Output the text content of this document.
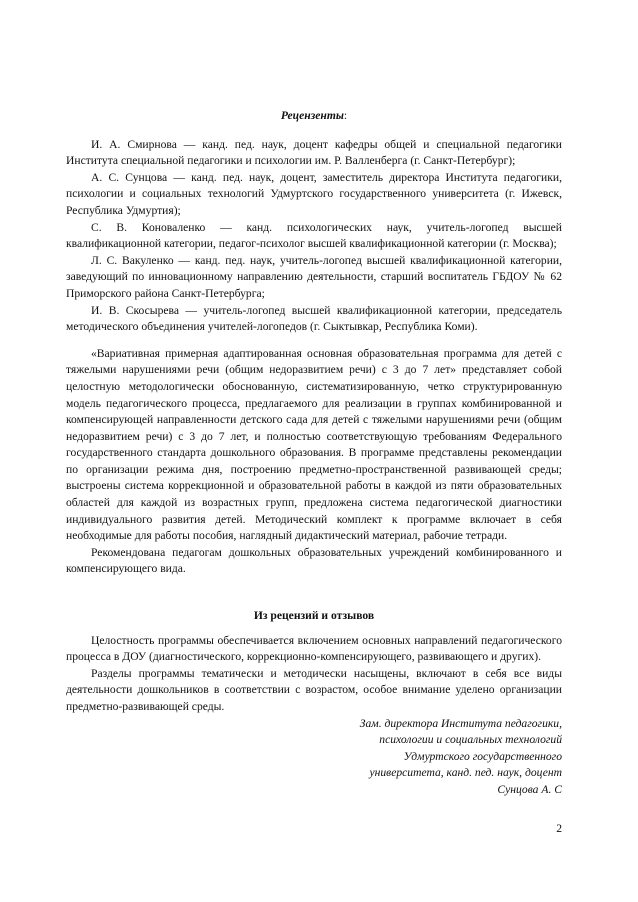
Рецензенты:

И. А. Смирнова — канд. пед. наук, доцент кафедры общей и специальной педагогики Института специальной педагогики и психологии им. Р. Валленберга (г. Санкт-Петербург);

А. С. Сунцова — канд. пед. наук, доцент, заместитель директора Института педагогики, психологии и социальных технологий Удмуртского государственного университета (г. Ижевск, Республика Удмуртия);

С. В. Коноваленко — канд. психологических наук, учитель-логопед высшей квалификационной категории, педагог-психолог высшей квалификационной категории (г. Москва);

Л. С. Вакуленко — канд. пед. наук, учитель-логопед высшей квалификационной категории, заведующий по инновационному направлению деятельности, старший воспитатель ГБДОУ № 62 Приморского района Санкт-Петербурга;

И. В. Скосырева — учитель-логопед высшей квалификационной категории, председатель методического объединения учителей-логопедов (г. Сыктывкар, Республика Коми).

«Вариативная примерная адаптированная основная образовательная программа для детей с тяжелыми нарушениями речи (общим недоразвитием речи) с 3 до 7 лет» представляет собой целостную методологически обоснованную, систематизированную, четко структурированную модель педагогического процесса, предлагаемого для реализации в группах комбинированной и компенсирующей направленности детского сада для детей с тяжелыми нарушениями речи (общим недоразвитием речи) с 3 до 7 лет, и полностью соответствующую требованиям Федерального государственного стандарта дошкольного образования. В программе представлены рекомендации по организации режима дня, построению предметно-пространственной развивающей среды; выстроены система коррекционной и образовательной работы в каждой из пяти образовательных областей для каждой из возрастных групп, предложена система педагогической диагностики индивидуального развития детей. Методический комплект к программе включает в себя необходимые для работы пособия, наглядный дидактический материал, рабочие тетради.

Рекомендована педагогам дошкольных образовательных учреждений комбинированного и компенсирующего вида.

Из рецензий и отзывов

Целостность программы обеспечивается включением основных направлений педагогического процесса в ДОУ (диагностического, коррекционно-компенсирующего, развивающего и других).

Разделы программы тематически и методически насыщены, включают в себя все виды деятельности дошкольников в соответствии с возрастом, особое внимание уделено организации предметно-развивающей среды.

Зам. директора Института педагогики,
психологии и социальных технологий
Удмуртского государственного
университета, канд. пед. наук, доцент
Сунцова А. С
2
